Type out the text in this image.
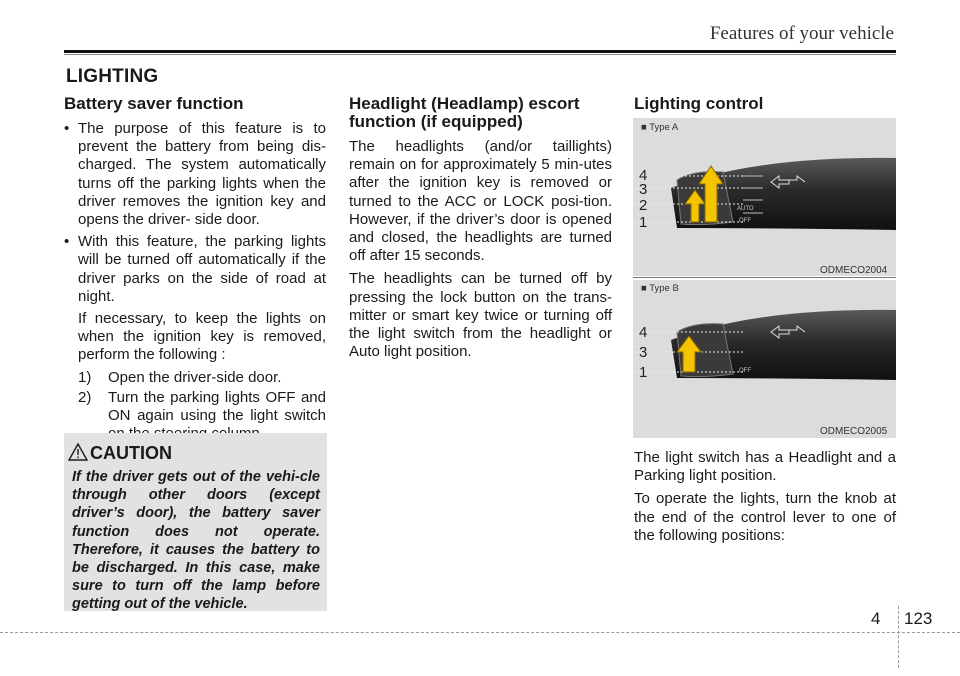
Features of your vehicle
LIGHTING
Battery saver function
• The purpose of this feature is to prevent the battery from being dis-charged. The system automatically turns off the parking lights when the driver removes the ignition key and opens the driver- side door.
• With this feature, the parking lights will be turned off automatically if the driver parks on the side of road at night.
If necessary, to keep the lights on when the ignition key is removed, perform the following :
1) Open the driver-side door.
2) Turn the parking lights OFF and ON again using the light switch
CAUTION
If the driver gets out of the vehi-cle through other doors (except driver’s door), the battery saver function does not operate. Therefore, it causes the battery to be discharged. In this case, make sure to turn off the lamp before getting out of the vehicle.
Headlight (Headlamp) escort
function (if equipped)

The headlights (and/or taillights) remain on for approximately 5 min-utes after the ignition key is removed or turned to the ACC or LOCK posi-tion. However, if the driver’s door is opened and closed, the headlights are turned off after 15 seconds.

The headlights can be turned off by pressing the lock button on the trans-mitter or smart key twice or turning off the light switch from the headlight or Auto light position.

Lighting control
AUTO
OFF
4
3
2
1
■ Type A
ODMECO2004
OFF
4
3
1
■ Type B
ODMECO2005

The light switch has a Headlight and a Parking light position.

To operate the lights, turn the knob at the end of the control lever to one of the following positions:

4 123
